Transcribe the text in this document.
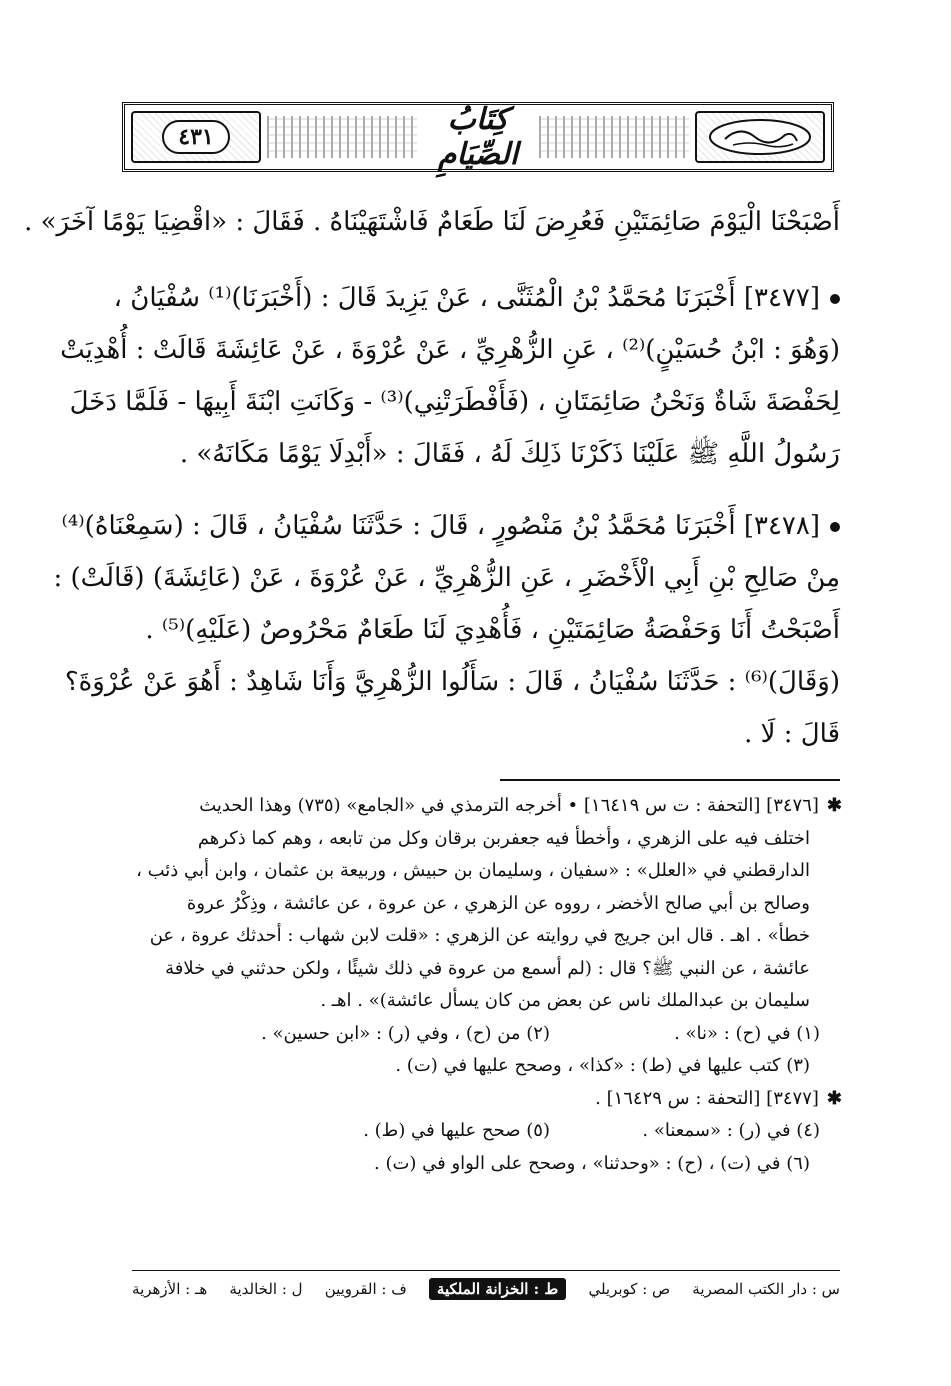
٤٣١	كِتَابُ الصِّيَامِ
أَصْبَحْنَا الْيَوْمَ صَائِمَتَيْنِ فَعُرِضَ لَنَا طَعَامٌ فَاشْتَهَيْنَاهُ . فَقَالَ : «اقْضِيَا يَوْمًا آخَرَ» .
[٣٤٧٧] أَخْبَرَنَا مُحَمَّدُ بْنُ الْمُثَنَّى ، عَنْ يَزِيدَ قَالَ : (أَخْبَرَنَا)⁽¹⁾ سُفْيَانُ ،
(وَهُوَ : ابْنُ حُسَيْنٍ)⁽²⁾ ، عَنِ الزُّهْرِيِّ ، عَنْ عُرْوَةَ ، عَنْ عَائِشَةَ قَالَتْ : أُهْدِيَتْ
لِحَفْصَةَ شَاةٌ وَنَحْنُ صَائِمَتَانِ ، (فَأَفْطَرَتْنِي)⁽³⁾ - وَكَانَتِ ابْنَةَ أَبِيهَا - فَلَمَّا دَخَلَ
رَسُولُ اللَّهِ ﷺ عَلَيْنَا ذَكَرْنَا ذَلِكَ لَهُ ، فَقَالَ : «أَبْدِلَا يَوْمًا مَكَانَهُ» .
[٣٤٧٨] أَخْبَرَنَا مُحَمَّدُ بْنُ مَنْصُورٍ ، قَالَ : حَدَّثَنَا سُفْيَانُ ، قَالَ : (سَمِعْنَاهُ)⁽⁴⁾
مِنْ صَالِحِ بْنِ أَبِي الْأَخْضَرِ ، عَنِ الزُّهْرِيِّ ، عَنْ عُرْوَةَ ، عَنْ (عَائِشَةَ) (قَالَتْ) :
أَصْبَحْتُ أَنَا وَحَفْصَةُ صَائِمَتَيْنِ ، فَأُهْدِيَ لَنَا طَعَامٌ مَحْرُوصٌ (عَلَيْهِ)⁽⁵⁾ .
(وَقَالَ)⁽⁶⁾ : حَدَّثَنَا سُفْيَانُ ، قَالَ : سَأَلُوا الزُّهْرِيَّ وَأَنَا شَاهِدٌ : أَهُوَ عَنْ عُرْوَةَ؟
قَالَ : لَا .
✱[٣٤٧٦] [التحفة : ت س ١٦٤١٩] • أخرجه الترمذي في «الجامع» (٧٣٥) وهذا الحديث
اختلف فيه على الزهري ، وأخطأ فيه جعفربن برقان وكل من تابعه ، وهم كما ذكرهم
الدارقطني في «العلل» : «سفيان ، وسليمان بن حبيش ، وربيعة بن عثمان ، وابن أبي ذئب ،
وصالح بن أبي صالح الأخضر ، رووه عن الزهري ، عن عروة ، عن عائشة ، وذِكْرُ عروة
خطأ» . اهـ . قال ابن جريج في روايته عن الزهري : «قلت لابن شهاب : أحدثك عروة ، عن
عائشة ، عن النبي ﷺ؟ قال : (لم أسمع من عروة في ذلك شيئًا ، ولكن حدثني في خلافة
سليمان بن عبدالملك ناس عن بعض من كان يسأل عائشة)» . اهـ .
(١) في (ح) : «نا» .
(٢) من (ح) ، وفي (ر) : «ابن حسين» .
(٣) كتب عليها في (ط) : «كذا» ، وصحح عليها في (ت) .
✱[٣٤٧٧] [التحفة : س ١٦٤٢٩] .
(٤) في (ر) : «سمعنا» .
(٥) صحح عليها في (ط) .
(٦) في (ت) ، (ح) : «وحدثنا» ، وصحح على الواو في (ت) .
س : دار الكتب المصرية
ص : كوبريلي
ط : الخزانة الملكية
ف : القرويين
ل : الخالدية
هـ : الأزهرية
